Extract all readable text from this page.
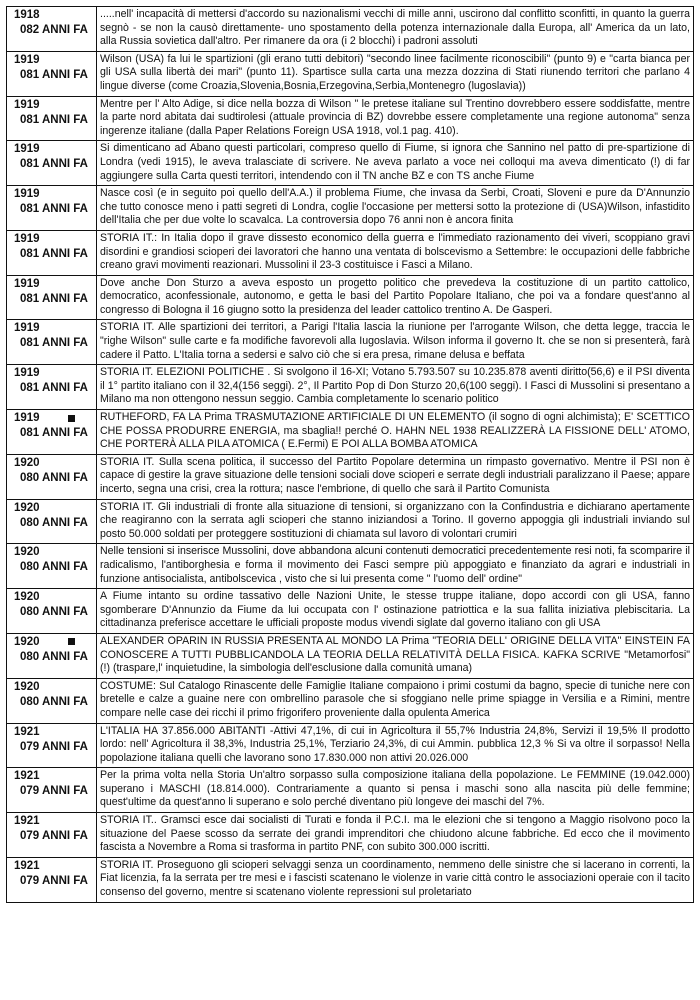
1918
082 ANNI FA	.....nell' incapacità di mettersi d'accordo su nazionalismi vecchi di mille anni, uscirono dal conflitto sconfitti, in quanto la guerra segnò - se non la causò direttamente- uno spostamento della potenza internazionale dalla Europa, all' America da un lato, alla Russia sovietica dall'altro. Per rimanere da ora (i 2 blocchi) i padroni assoluti

1919
081 ANNI FA	Wilson (USA) fa lui le spartizioni (gli erano tutti debitori) "secondo linee facilmente riconoscibili" (punto 9) e "carta bianca per gli USA sulla libertà dei mari" (punto 11). Spartisce sulla carta una mezza dozzina di Stati riunendo territori che parlano 4 lingue diverse (come Croazia,Slovenia,Bosnia,Erzegovina,Serbia,Montenegro (lugoslavia))

1919
081 ANNI FA	Mentre per l' Alto Adige, si dice nella bozza di Wilson " le pretese italiane sul Trentino dovrebbero essere soddisfatte, mentre la parte nord abitata dai sudtirolesi (attuale provincia di BZ) dovrebbe essere completamente una regione autonoma" senza ingerenze italiane (dalla Paper Relations Foreign USA 1918, vol.1 pag. 410).

1919
081 ANNI FA	Si dimenticano ad Abano questi particolari, compreso quello di Fiume, si ignora che Sannino nel patto di pre-spartizione di Londra (vedi 1915), le aveva tralasciate di scrivere. Ne aveva parlato a voce nei colloqui ma aveva dimenticato (!) di far aggiungere sulla Carta questi territori, intendendo con il TN anche BZ e con TS anche Fiume

1919
081 ANNI FA	Nasce così (e in seguito poi quello dell'A.A.) il problema Fiume, che invasa da Serbi, Croati, Sloveni e pure da D'Annunzio che tutto conosce meno i patti segreti di Londra, coglie l'occasione per mettersi sotto la protezione di (USA)Wilson, infastidito dell'Italia che per due volte lo scavalca. La controversia dopo 76 anni non è ancora finita

1919
081 ANNI FA	STORIA IT.: In Italia dopo il grave dissesto economico della guerra e l'immediato razionamento dei viveri, scoppiano gravi disordini e grandiosi scioperi dei lavoratori che hanno una ventata di bolscevismo a Settembre: le occupazioni delle fabbriche creano gravi movimenti reazionari. Mussolini il 23-3 costituisce i Fasci a Milano.

1919
081 ANNI FA	Dove anche Don Sturzo a aveva esposto un progetto politico che prevedeva la costituzione di un partito cattolico, democratico, aconfessionale, autonomo, e getta le basi del Partito Popolare Italiano, che poi va a fondare quest'anno al congresso di Bologna il 16 giugno sotto la presidenza del leader cattolico trentino A. De Gasperi.

1919
081 ANNI FA	STORIA IT. Alle spartizioni dei territori, a Parigi l'Italia lascia la riunione per l'arrogante Wilson, che detta legge, traccia le "righe Wilson" sulle carte e fa modifiche favorevoli alla Iugoslavia. Wilson informa il governo It. che se non si presenterà, farà cadere il Patto. L'Italia torna a sedersi e salvo ciò che si era presa, rimane delusa e beffata

1919
081 ANNI FA	STORIA IT. ELEZIONI POLITICHE . Si svolgono il 16-XI; Votano 5.793.507 su 10.235.878 aventi diritto(56,6) e il PSI diventa il 1° partito italiano con il 32,4(156 seggi). 2°, Il Partito Pop di Don Sturzo 20,6(100 seggi). I Fasci di Mussolini si presentano a Milano ma non ottengono nessun seggio. Cambia completamente lo scenario politico

1919
081 ANNI FA	RUTHEFORD, FA LA Prima TRASMUTAZIONE ARTIFICIALE DI UN ELEMENTO (il sogno di ogni alchimista); E' SCETTICO CHE POSSA PRODURRE ENERGIA, ma sbaglia!! perché O. HAHN NEL 1938 REALIZZERÀ LA FISSIONE DELL' ATOMO, CHE PORTERÀ ALLA PILA ATOMICA ( E.Fermi) E POI ALLA BOMBA ATOMICA

1920
080 ANNI FA	STORIA IT. Sulla scena politica, il successo del Partito Popolare determina un rimpasto governativo. Mentre il PSI non è capace di gestire la grave situazione delle tensioni sociali dove scioperi e serrate degli industriali paralizzano il Paese; appare incerto, segna una crisi, crea la rottura; nasce l'embrione, di quello che sarà il Partito Comunista

1920
080 ANNI FA	STORIA IT. Gli industriali di fronte alla situazione di tensioni, si organizzano con la Confindustria e dichiarano apertamente che reagiranno con la serrata agli scioperi che stanno iniziandosi a Torino. Il governo appoggia gli industriali inviando sul posto 50.000 soldati per proteggere sostituzioni di chiamata sul lavoro di volontari crumiri

1920
080 ANNI FA	Nelle tensioni si inserisce Mussolini, dove abbandona alcuni contenuti democratici precedentemente resi noti, fa scomparire il radicalismo, l'antiborghesia e forma il movimento dei Fasci sempre più appoggiato e finanziato da agrari e industriali in funzione antisocialista, antibolscevica , visto che si lui presenta come " l'uomo dell' ordine"

1920
080 ANNI FA	A Fiume intanto su ordine tassativo delle Nazioni Unite, le stesse truppe italiane, dopo accordi con gli USA, fanno sgomberare D'Annunzio da Fiume da lui occupata con l' ostinazione patriottica e la sua fallita iniziativa plebiscitaria. La cittadinanza preferisce accettare le ufficiali proposte modus vivendi siglate dal governo italiano con gli USA

1920
080 ANNI FA	ALEXANDER OPARIN IN RUSSIA PRESENTA AL MONDO LA Prima "TEORIA DELL' ORIGINE DELLA VITA" EINSTEIN FA CONOSCERE A TUTTI PUBBLICANDOLA LA TEORIA DELLA RELATIVITÀ DELLA FISICA. KAFKA SCRIVE "Metamorfosi" (!) (traspare,l' inquietudine, la simbologia dell'esclusione dalla comunità umana)

1920
080 ANNI FA	COSTUME: Sul Catalogo Rinascente delle Famiglie Italiane compaiono i primi costumi da bagno, specie di tuniche nere con bretelle e calze a guaine nere con ombrellino parasole che si sfoggiano nelle prime spiagge in Versilia e a Rimini, mentre compare nelle case dei ricchi il primo frigorifero proveniente dalla opulenta America

1921
079 ANNI FA	L'ITALIA HA 37.856.000 ABITANTI -Attivi 47,1%, di cui in Agricoltura il 55,7% Industria 24,8%, Servizi il 19,5% Il prodotto lordo: nell' Agricoltura il 38,3%, Industria 25,1%, Terziario 24,3%, di cui Ammin. pubblica 12,3 % Si va oltre il sorpasso! Nella popolazione italiana quelli che lavorano sono 17.830.000 non attivi 20.026.000

1921
079 ANNI FA	Per la prima volta nella Storia Un'altro sorpasso sulla composizione italiana della popolazione. Le FEMMINE (19.042.000) superano i MASCHI (18.814.000). Contrariamente a quanto si pensa i maschi sono alla nascita più delle femmine; quest'ultime da quest'anno li superano e solo perché diventano più longeve dei maschi del 7%.

1921
079 ANNI FA	STORIA IT.. Gramsci esce dai socialisti di Turati e fonda il P.C.I. ma le elezioni che si tengono a Maggio risolvono poco la situazione del Paese scosso da serrate dei grandi imprenditori che chiudono alcune fabbriche. Ed ecco che il movimento fascista a Novembre a Roma si trasforma in partito PNF, con subito 300.000 iscritti.

1921
079 ANNI FA	STORIA IT. Proseguono gli scioperi selvaggi senza un coordinamento, nemmeno delle sinistre che si lacerano in correnti, la Fiat licenzia, fa la serrata per tre mesi e i fascisti scatenano le violenze in varie città contro le associazioni operaie con il tacito consenso del governo, mentre si scatenano violente repressioni sul proletariato
